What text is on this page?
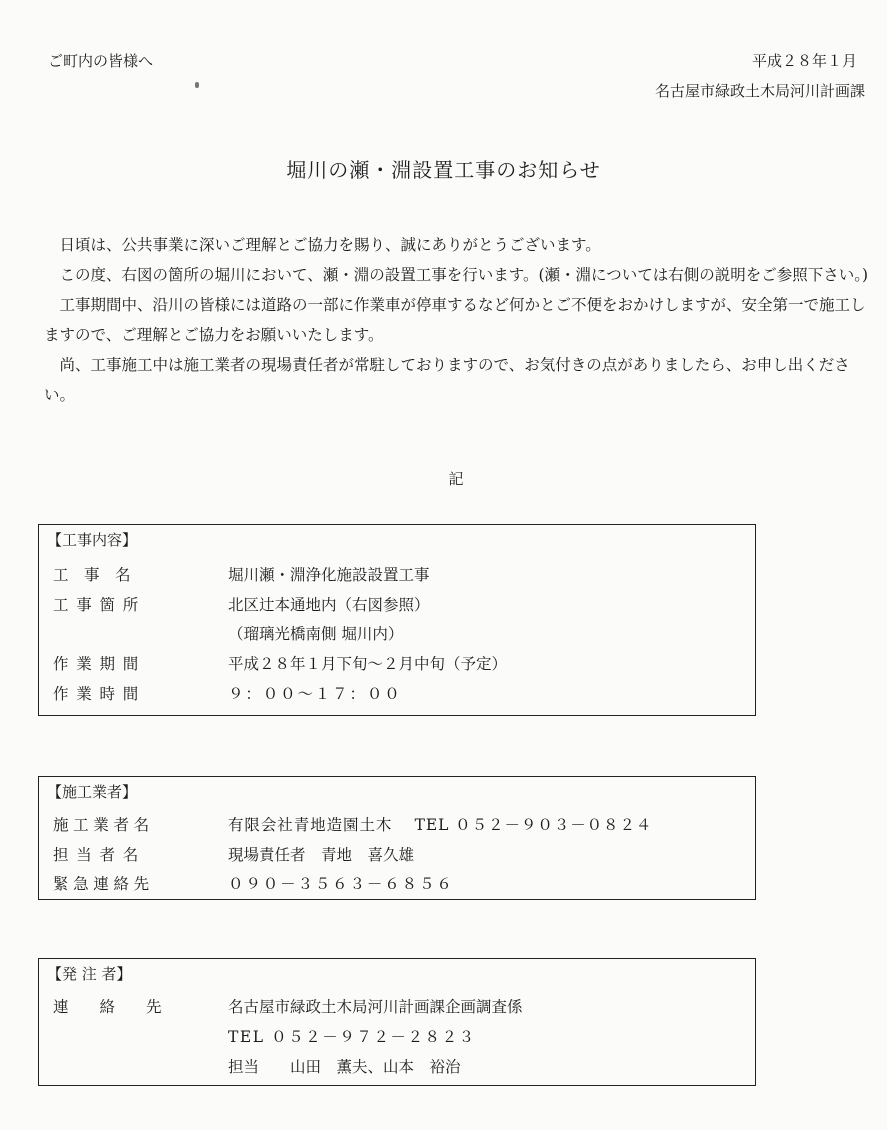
ご町内の皆様へ	平成２８年１月
名古屋市緑政土木局河川計画課
堀川の瀬・淵設置工事のお知らせ

日頃は、公共事業に深いご理解とご協力を賜り、誠にありがとうございます。

この度、右図の箇所の堀川において、瀬・淵の設置工事を行います。(瀬・淵については右側の説明をご参照下さい。)

工事期間中、沿川の皆様には道路の一部に作業車が停車するなど何かとご不便をおかけしますが、安全第一で施工しますので、ご理解とご協力をお願いいたします。

尚、工事施工中は施工業者の現場責任者が常駐しておりますので、お気付きの点がありましたら、お申し出ください。

記
【工事内容】
工　事　名	堀川瀬・淵浄化施設設置工事
工事箇所	北区辻本通地内（右図参照）
（瑠璃光橋南側 堀川内）
作業期間	平成２８年１月下旬～２月中旬（予定）
作業時間	９：００～１７：００
【施工業者】
施工業者名	有限会社青地造園土木　 TEL ０５２－９０３－０８２４
担当者名	現場責任者　青地　喜久雄
緊急連絡先	０９０－３５６３－６８５６
【発 注 者】
連　　絡　　先	名古屋市緑政土木局河川計画課企画調査係
TEL ０５２－９７２－２８２３
担当　　山田　薫夫、山本　裕治
